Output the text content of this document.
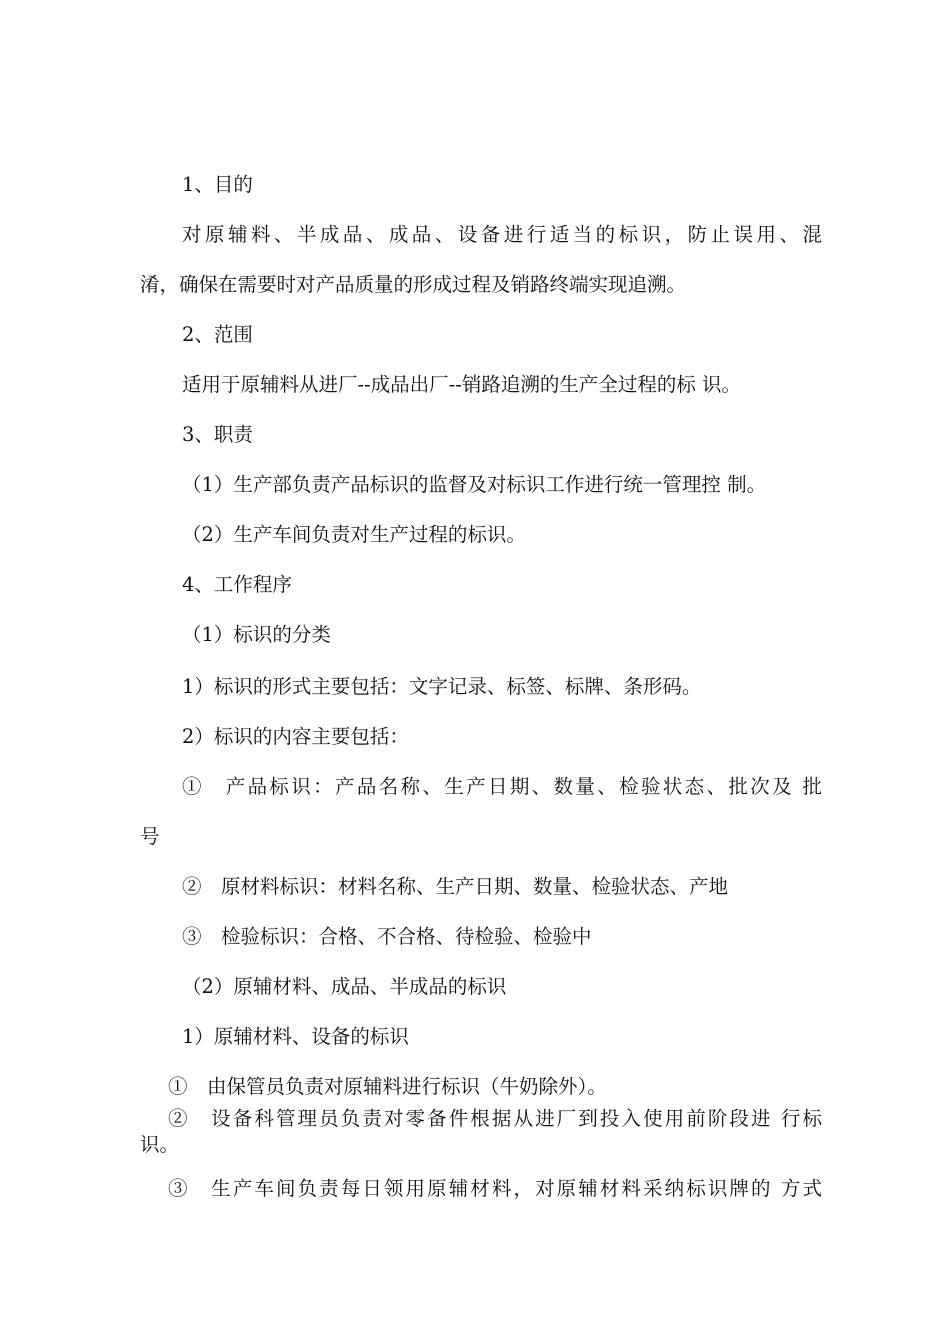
1、目的
对原辅料、半成品、成品、设备进行适当的标识，防止误用、混
淆，确保在需要时对产品质量的形成过程及销路终端实现追溯。
2、范围
适用于原辅料从进厂--成品出厂--销路追溯的生产全过程的标 识。
3、职责
（1）生产部负责产品标识的监督及对标识工作进行统一管理控 制。
（2）生产车间负责对生产过程的标识。
4、工作程序
（1）标识的分类
1）标识的形式主要包括：文字记录、标签、标牌、条形码。
2）标识的内容主要包括：
①　产品标识：产品名称、生产日期、数量、检验状态、批次及 批
号
②　原材料标识：材料名称、生产日期、数量、检验状态、产地
③　检验标识：合格、不合格、待检验、检验中
（2）原辅材料、成品、半成品的标识
1）原辅材料、设备的标识
①　由保管员负责对原辅料进行标识（牛奶除外）。
②　设备科管理员负责对零备件根据从进厂到投入使用前阶段进 行标
识。
③　生产车间负责每日领用原辅材料，对原辅材料采纳标识牌的 方式
